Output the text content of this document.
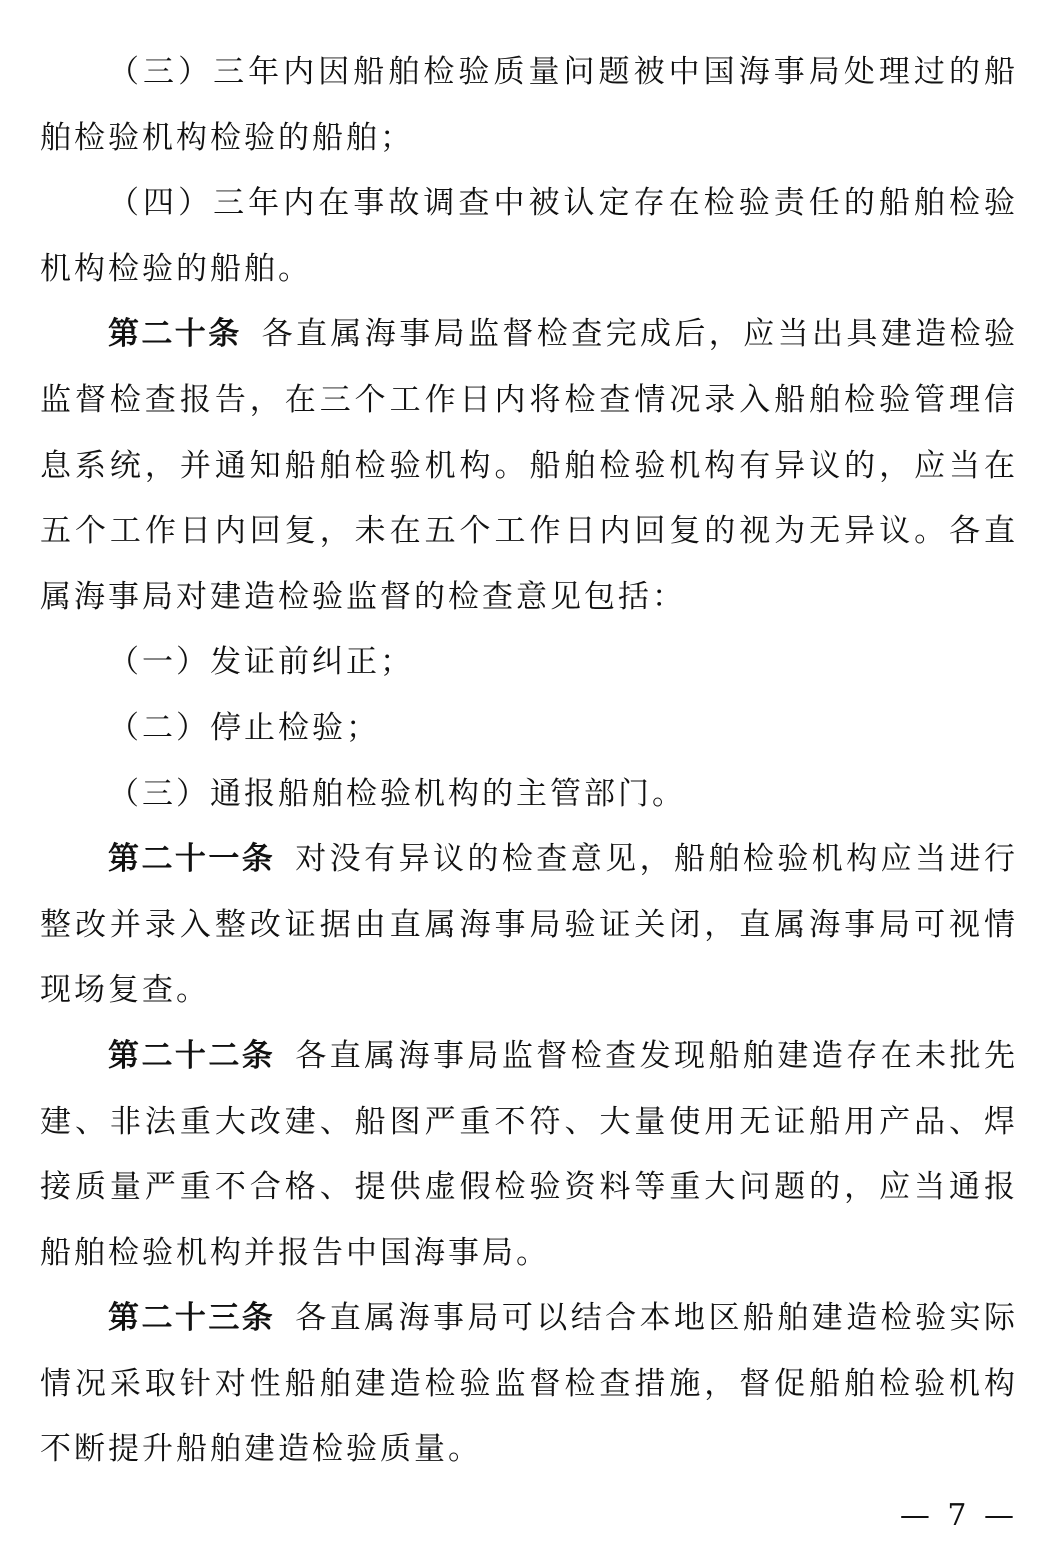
（三）三年内因船舶检验质量问题被中国海事局处理过的船舶检验机构检验的船舶；

（四）三年内在事故调查中被认定存在检验责任的船舶检验机构检验的船舶。

第二十条 各直属海事局监督检查完成后，应当出具建造检验监督检查报告，在三个工作日内将检查情况录入船舶检验管理信息系统，并通知船舶检验机构。船舶检验机构有异议的，应当在五个工作日内回复，未在五个工作日内回复的视为无异议。各直属海事局对建造检验监督的检查意见包括：

（一）发证前纠正；

（二）停止检验；

（三）通报船舶检验机构的主管部门。

第二十一条 对没有异议的检查意见，船舶检验机构应当进行整改并录入整改证据由直属海事局验证关闭，直属海事局可视情现场复查。

第二十二条 各直属海事局监督检查发现船舶建造存在未批先建、非法重大改建、船图严重不符、大量使用无证船用产品、焊接质量严重不合格、提供虚假检验资料等重大问题的，应当通报船舶检验机构并报告中国海事局。

第二十三条 各直属海事局可以结合本地区船舶建造检验实际情况采取针对性船舶建造检验监督检查措施，督促船舶检验机构不断提升船舶建造检验质量。

— 7 —
